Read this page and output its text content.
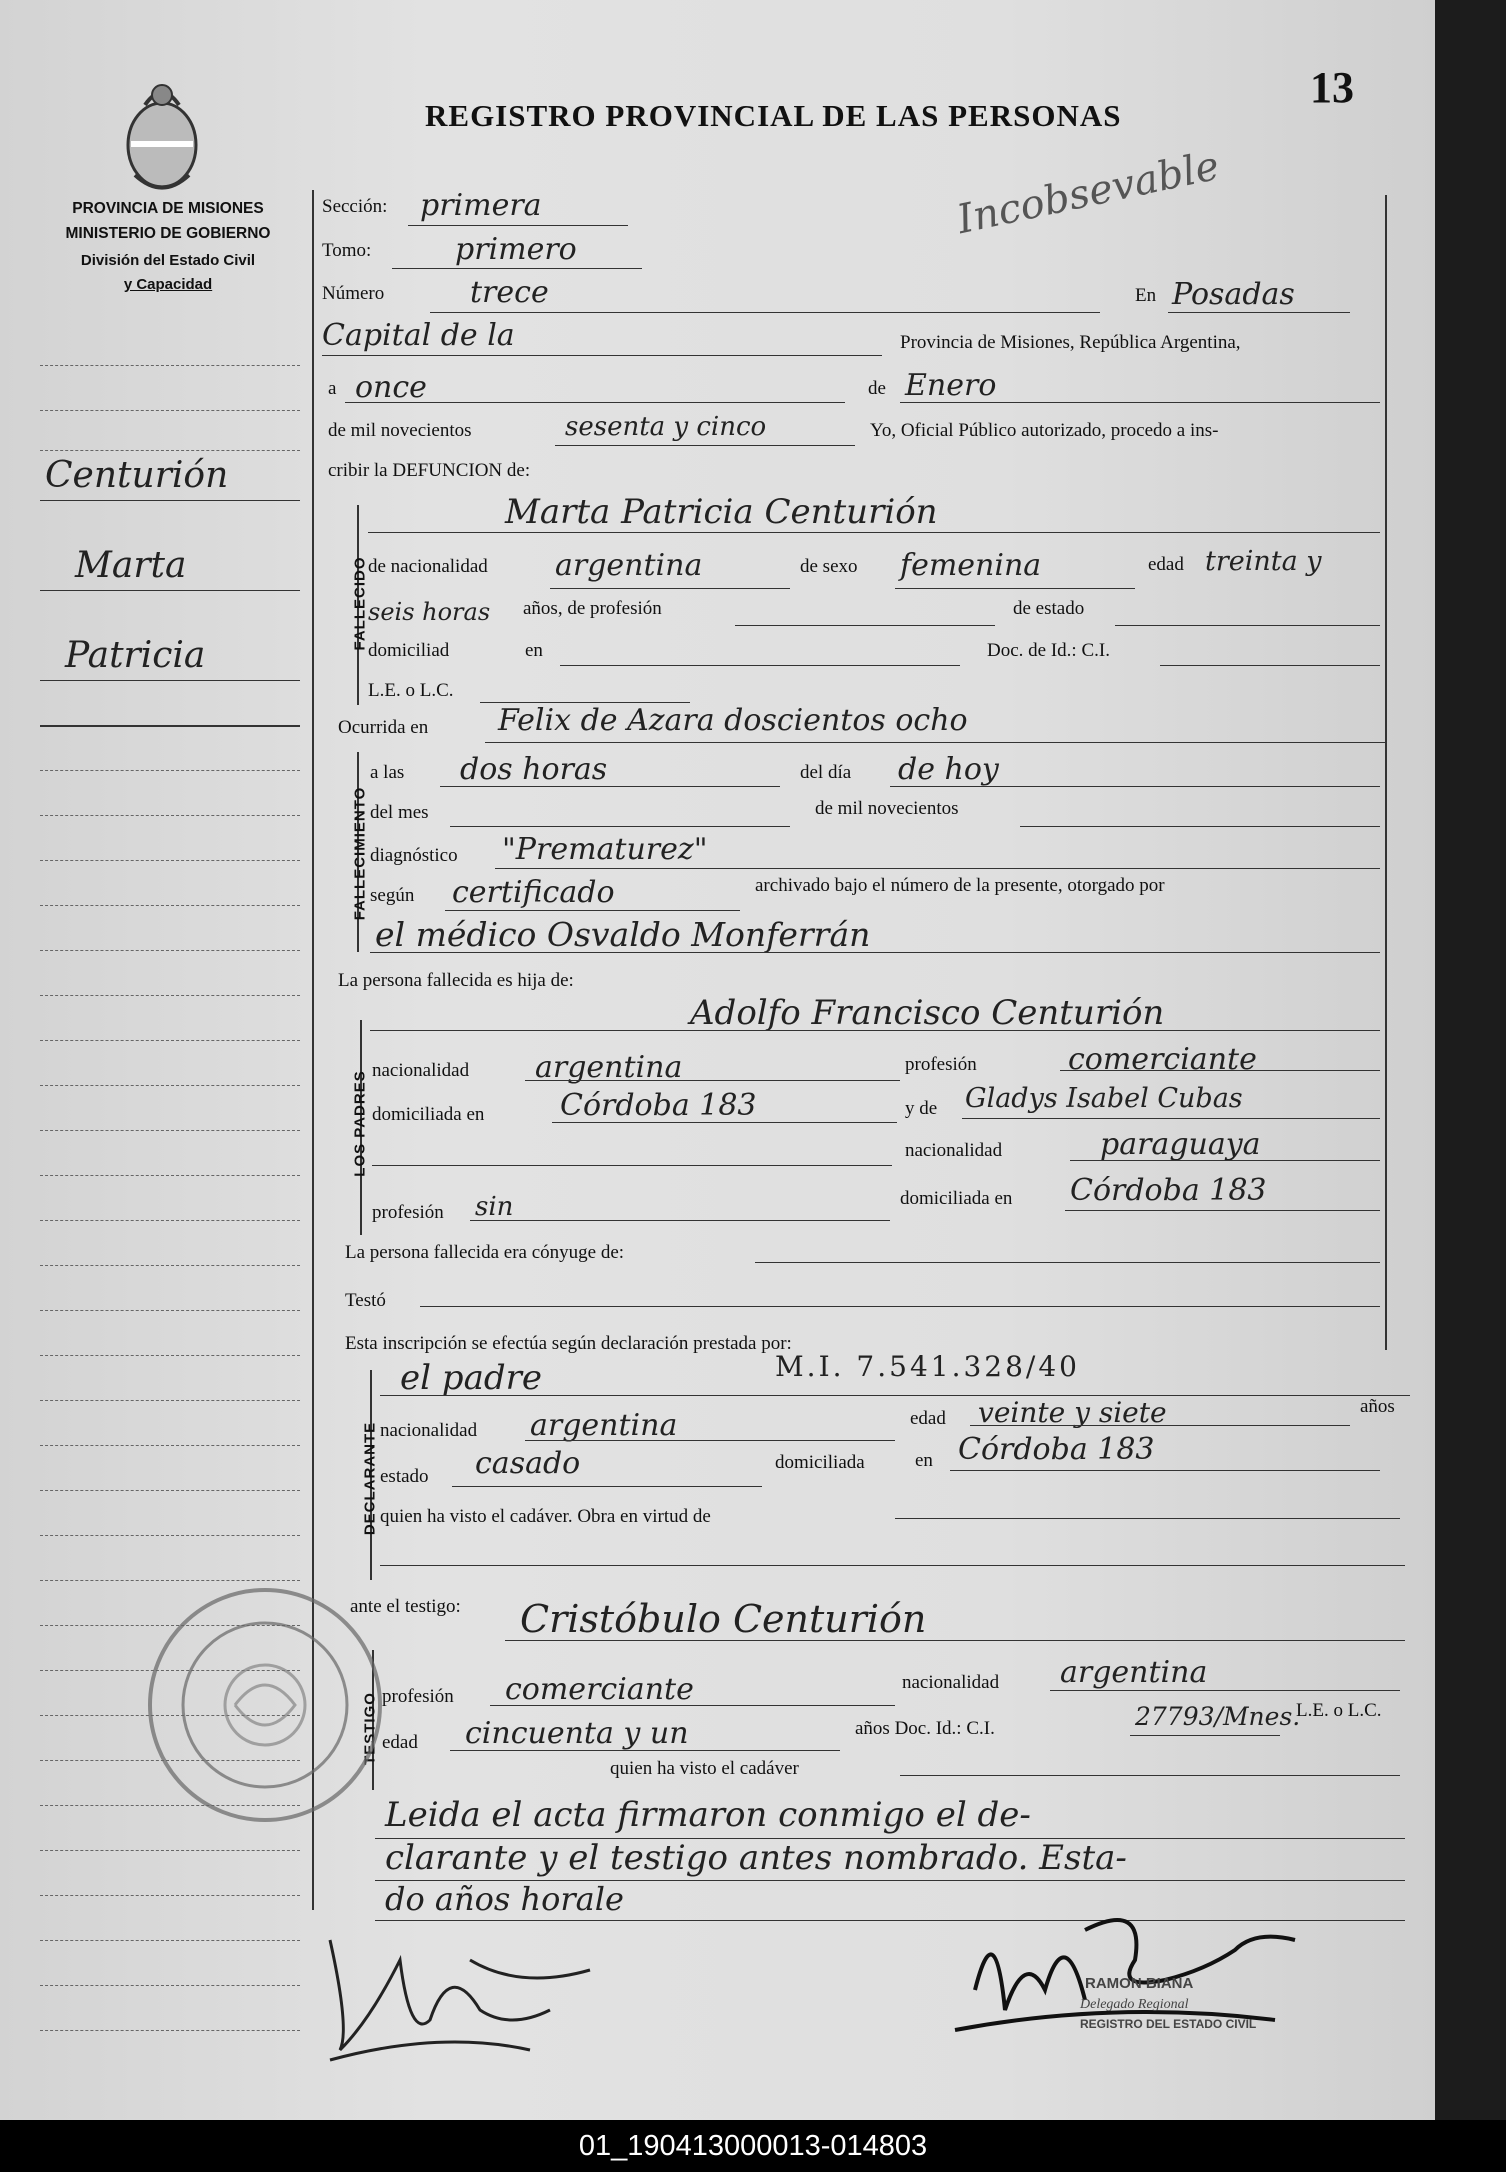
13
REGISTRO PROVINCIAL DE LAS PERSONAS
Incobsevable
PROVINCIA DE MISIONES
MINISTERIO DE GOBIERNO
División del Estado Civil
y Capacidad
Centurión
Marta
Patricia
Sección: primera
Tomo:	primero
Número	trece	En Posadas
Capital de la	Provincia de Misiones, República Argentina,
a once	de Enero
de mil novecientos	sesenta y cinco	Yo, Oficial Público autorizado, procedo a ins-
cribir la DEFUNCION de:
FALLECIDO
Marta Patricia Centurión
de nacionalidad argentina	de sexo femenina	edad treinta y
seis horas años, de profesión	de estado
domiciliad	en	Doc. de Id.: C.I.
L.E. o L.C.
Ocurrida en Felix de Azara doscientos ocho
FALLECIMIENTO
a las dos horas	del día de hoy
del mes	de mil novecientos
diagnóstico "Prematurez"
según certificado	archivado bajo el número de la presente, otorgado por
el médico Osvaldo Monferrán
La persona fallecida es hija de:
Adolfo Francisco Centurión
LOS PADRES nacionalidad argentina	profesión	comerciante
domiciliada en	Córdoba 183	y de Gladys Isabel Cubas
nacionalidad	paraguaya
profesión sin	domiciliada en Córdoba 183
La persona fallecida era cónyuge de:
Testó
Esta inscripción se efectúa según declaración prestada por:
DECLARANTE
el padre	M.I. 7.541.328/40
nacionalidad argentina	edad veinte y siete	años
estado casado	domiciliada	en Córdoba 183
quien ha visto el cadáver. Obra en virtud de
ante el testigo: Cristóbulo Centurión
TESTIGO profesión comerciante	nacionalidad argentina
edad cincuenta y un	años Doc. Id.: C.I.	27793/Mnes.
L.E. o L.C.
quien ha visto el cadáver
Leida el acta firmaron conmigo el de-
clarante y el testigo antes nombrado. Esta-
do años horale
RAMON BIANA
Delegado Regional
REGISTRO DEL ESTADO CIVIL
01_190413000013-014803
